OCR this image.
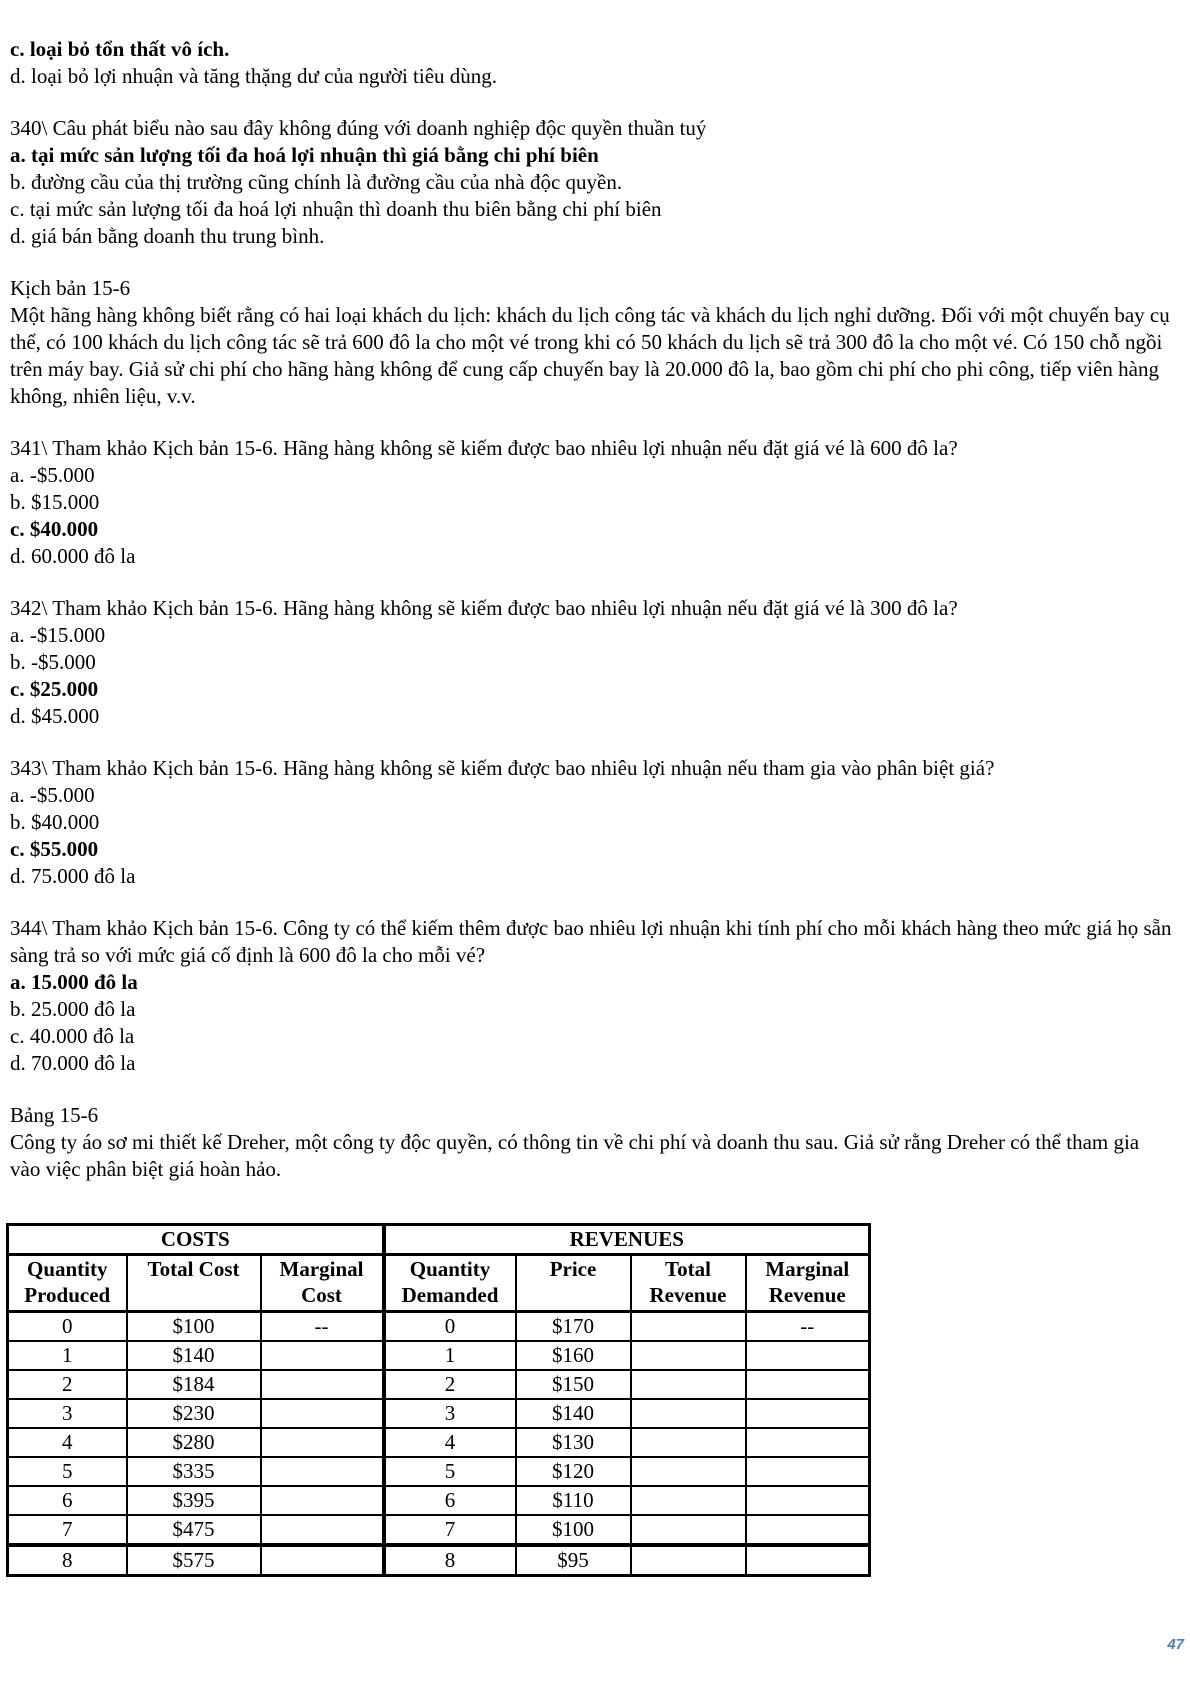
c. loại bỏ tổn thất vô ích.
d. loại bỏ lợi nhuận và tăng thặng dư của người tiêu dùng.
340\ Câu phát biểu nào sau đây không đúng với doanh nghiệp độc quyền thuần tuý
a. tại mức sản lượng tối đa hoá lợi nhuận thì giá bằng chi phí biên
b. đường cầu của thị trường cũng chính là đường cầu của nhà độc quyền.
c. tại mức sản lượng tối đa hoá lợi nhuận thì doanh thu biên bằng chi phí biên
d. giá bán bằng doanh thu trung bình.
Kịch bản 15-6
Một hãng hàng không biết rằng có hai loại khách du lịch: khách du lịch công tác và khách du lịch nghỉ dưỡng. Đối với một chuyến bay cụ thể, có 100 khách du lịch công tác sẽ trả 600 đô la cho một vé trong khi có 50 khách du lịch sẽ trả 300 đô la cho một vé. Có 150 chỗ ngồi trên máy bay. Giả sử chi phí cho hãng hàng không để cung cấp chuyến bay là 20.000 đô la, bao gồm chi phí cho phi công, tiếp viên hàng không, nhiên liệu, v.v.
341\ Tham khảo Kịch bản 15-6. Hãng hàng không sẽ kiếm được bao nhiêu lợi nhuận nếu đặt giá vé là 600 đô la?
a. -$5.000
b. $15.000
c. $40.000
d. 60.000 đô la
342\ Tham khảo Kịch bản 15-6. Hãng hàng không sẽ kiếm được bao nhiêu lợi nhuận nếu đặt giá vé là 300 đô la?
a. -$15.000
b. -$5.000
c. $25.000
d. $45.000
343\ Tham khảo Kịch bản 15-6. Hãng hàng không sẽ kiếm được bao nhiêu lợi nhuận nếu tham gia vào phân biệt giá?
a. -$5.000
b. $40.000
c. $55.000
d. 75.000 đô la
344\ Tham khảo Kịch bản 15-6. Công ty có thể kiếm thêm được bao nhiêu lợi nhuận khi tính phí cho mỗi khách hàng theo mức giá họ sẵn sàng trả so với mức giá cố định là 600 đô la cho mỗi vé?
a. 15.000 đô la
b. 25.000 đô la
c. 40.000 đô la
d. 70.000 đô la
Bảng 15-6
Công ty áo sơ mi thiết kế Dreher, một công ty độc quyền, có thông tin về chi phí và doanh thu sau. Giả sử rằng Dreher có thể tham gia vào việc phân biệt giá hoàn hảo.
COSTS			REVENUES			
Quantity Produced	Total Cost	Marginal Cost	Quantity Demanded	Price	Total Revenue	Marginal Revenue
0	$100	--	0	$170		--
1	$140		1	$160		
2	$184		2	$150		
3	$230		3	$140		
4	$280		4	$130		
5	$335		5	$120		
6	$395		6	$110		
7	$475		7	$100		
8	$575		8	$95		
47
